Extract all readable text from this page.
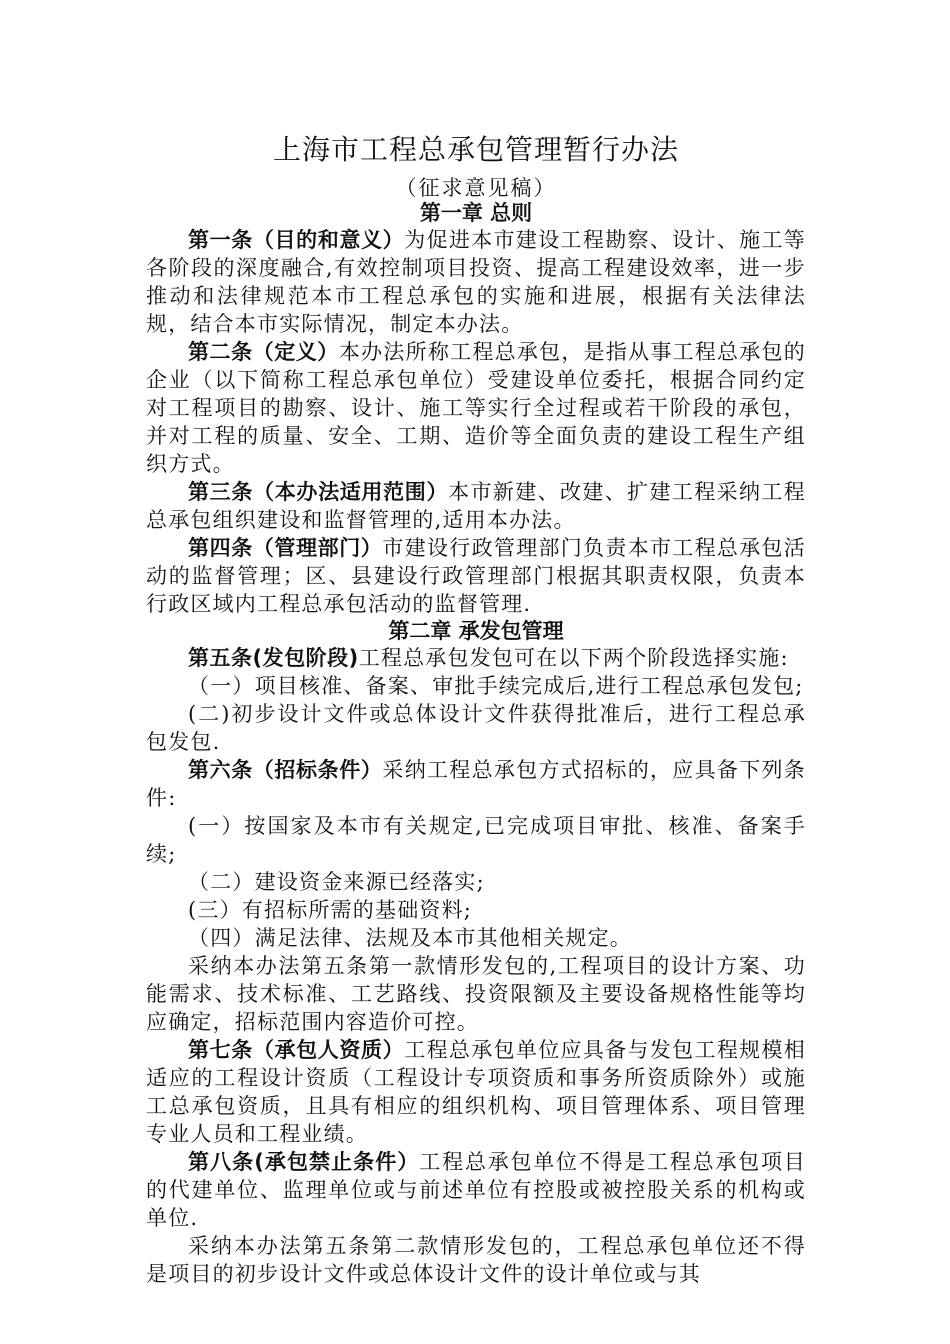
上海市工程总承包管理暂行办法
（征求意见稿）
第一章 总则

第一条（目的和意义）为促进本市建设工程勘察、设计、施工等各阶段的深度融合,有效控制项目投资、提高工程建设效率，进一步推动和法律规范本市工程总承包的实施和进展，根据有关法律法规，结合本市实际情况，制定本办法。

第二条（定义）本办法所称工程总承包，是指从事工程总承包的企业（以下简称工程总承包单位）受建设单位委托，根据合同约定对工程项目的勘察、设计、施工等实行全过程或若干阶段的承包，并对工程的质量、安全、工期、造价等全面负责的建设工程生产组织方式。

第三条（本办法适用范围）本市新建、改建、扩建工程采纳工程总承包组织建设和监督管理的,适用本办法。

第四条（管理部门）市建设行政管理部门负责本市工程总承包活动的监督管理；区、县建设行政管理部门根据其职责权限，负责本行政区域内工程总承包活动的监督管理.

第二章 承发包管理

第五条(发包阶段)工程总承包发包可在以下两个阶段选择实施:

（一）项目核准、备案、审批手续完成后,进行工程总承包发包;

(二)初步设计文件或总体设计文件获得批准后，进行工程总承包发包.

第六条（招标条件）采纳工程总承包方式招标的，应具备下列条件:

(一）按国家及本市有关规定,已完成项目审批、核准、备案手续;

（二）建设资金来源已经落实;

(三）有招标所需的基础资料;

（四）满足法律、法规及本市其他相关规定。

采纳本办法第五条第一款情形发包的,工程项目的设计方案、功能需求、技术标准、工艺路线、投资限额及主要设备规格性能等均应确定，招标范围内容造价可控。

第七条（承包人资质）工程总承包单位应具备与发包工程规模相适应的工程设计资质（工程设计专项资质和事务所资质除外）或施工总承包资质，且具有相应的组织机构、项目管理体系、项目管理专业人员和工程业绩。

第八条(承包禁止条件）工程总承包单位不得是工程总承包项目的代建单位、监理单位或与前述单位有控股或被控股关系的机构或单位.

采纳本办法第五条第二款情形发包的，工程总承包单位还不得是项目的初步设计文件或总体设计文件的设计单位或与其
